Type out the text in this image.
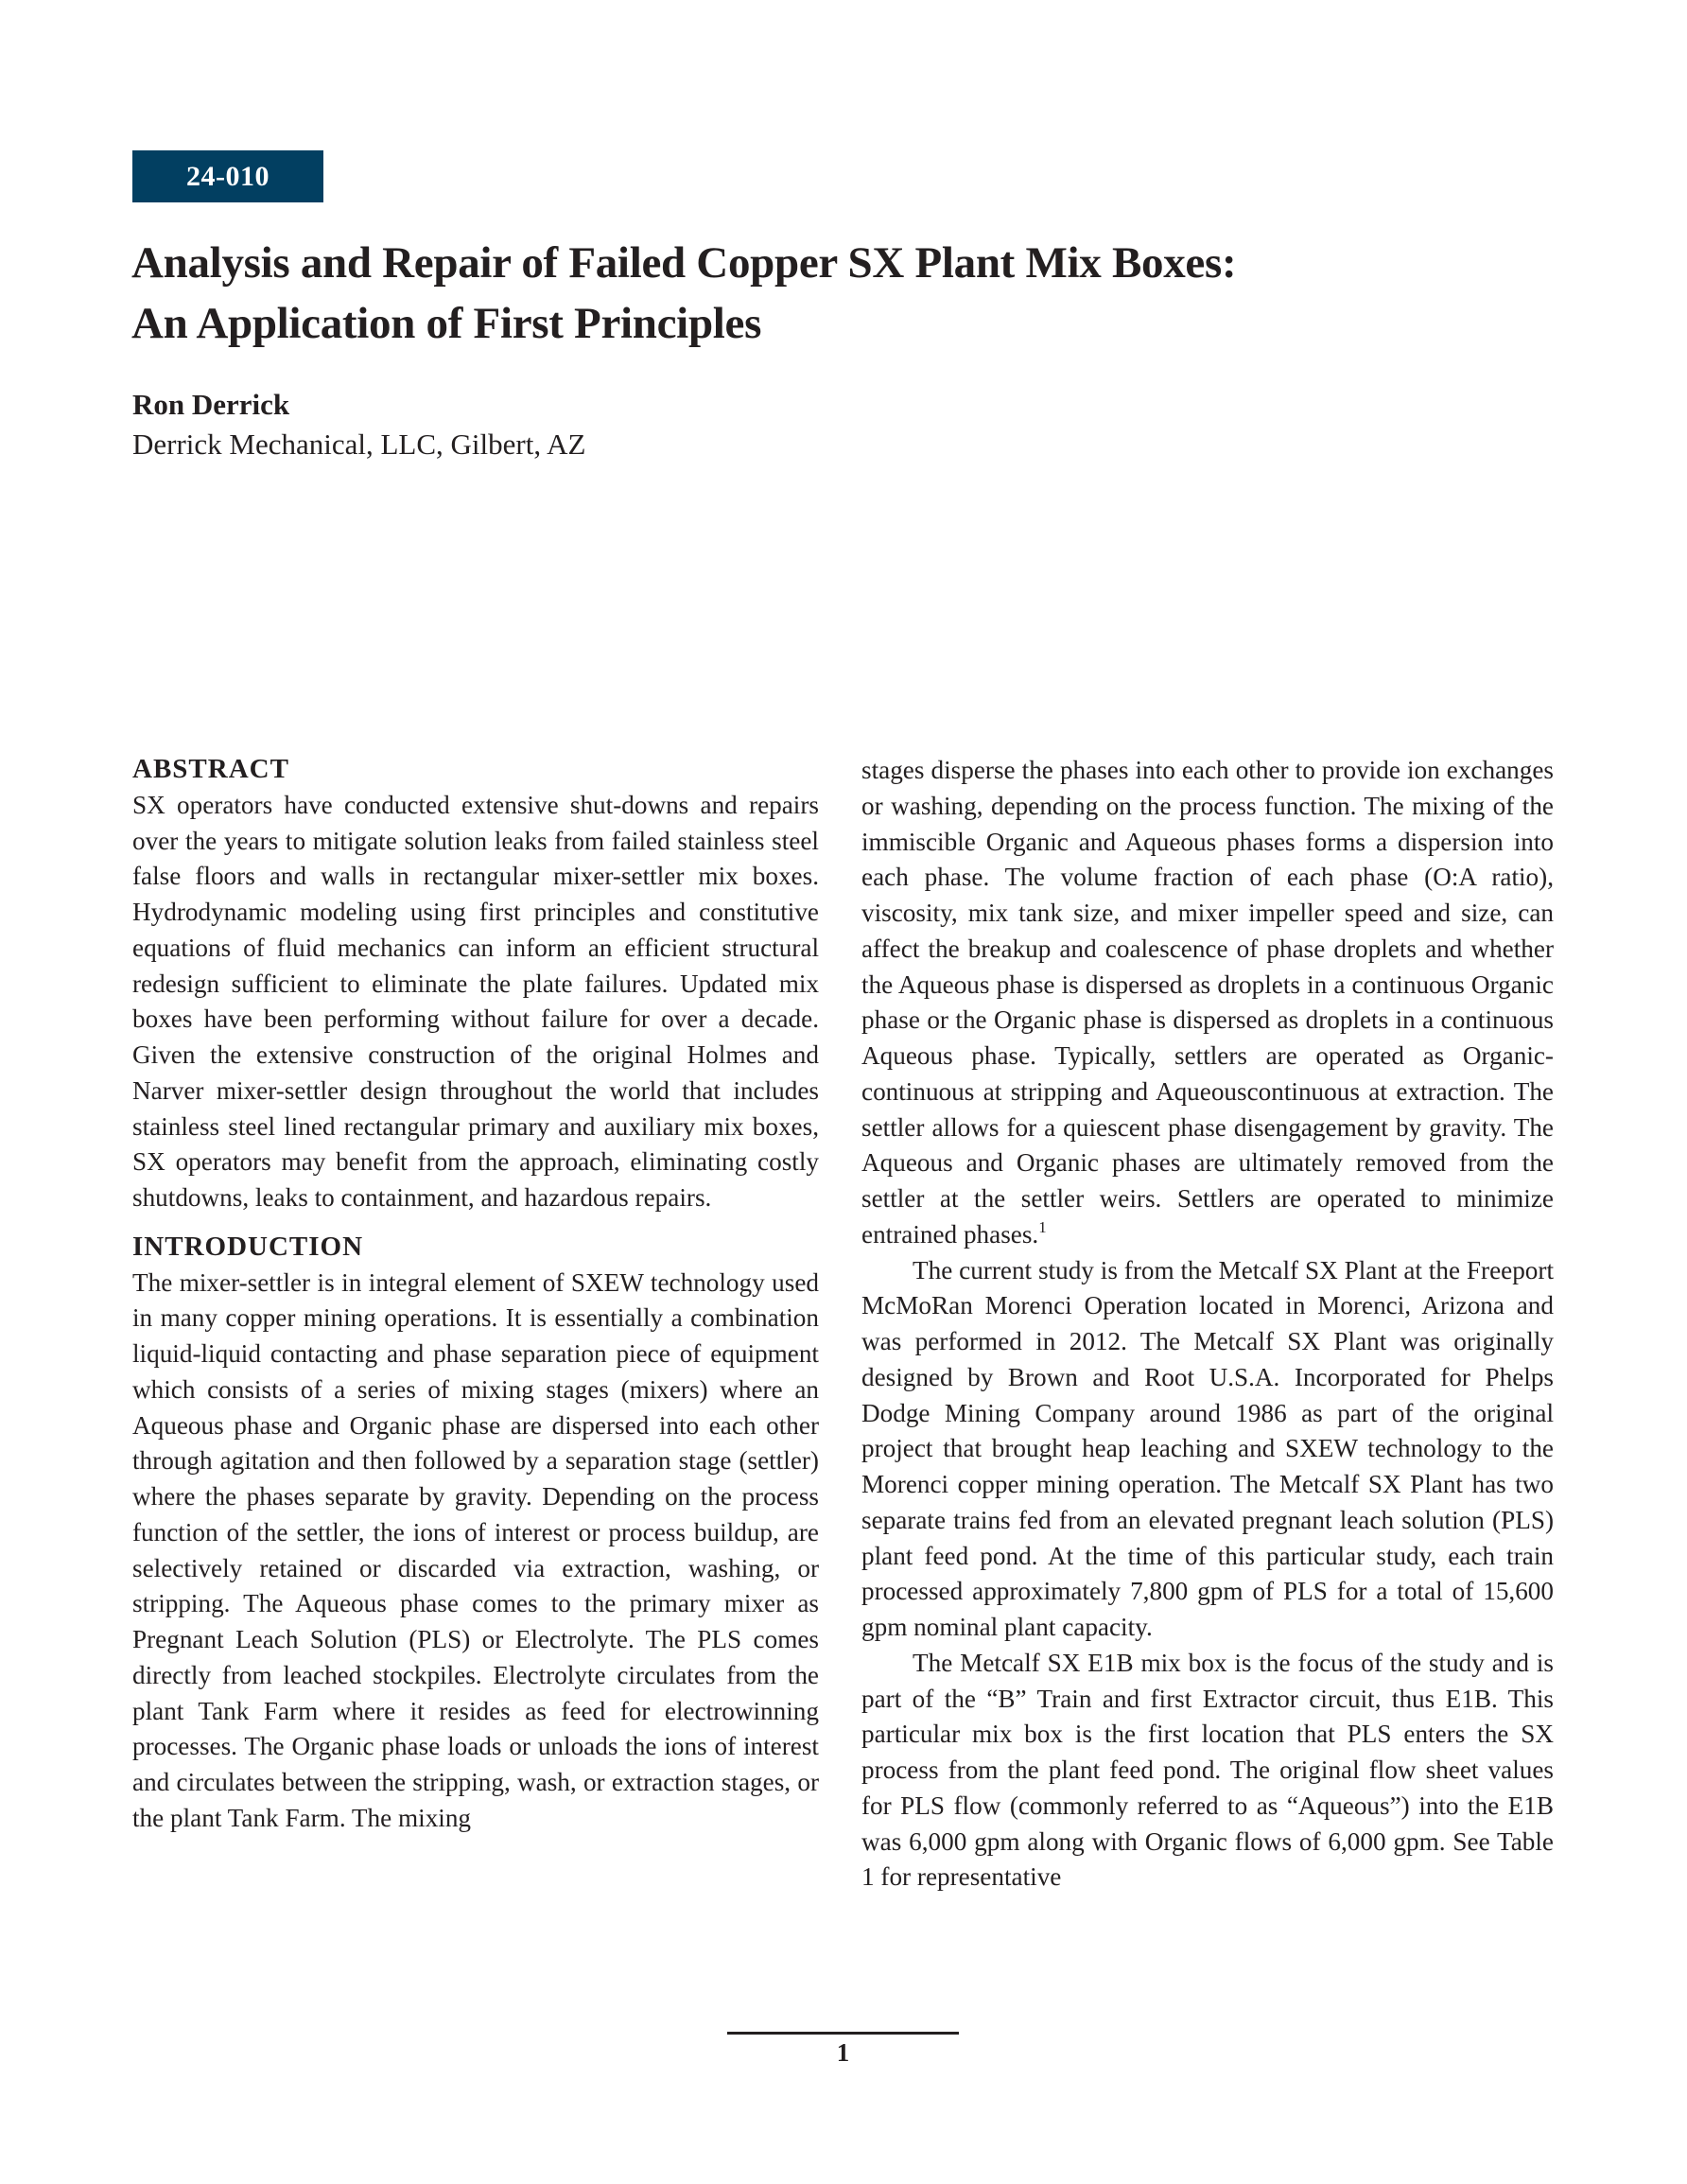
24-010
Analysis and Repair of Failed Copper SX Plant Mix Boxes:
An Application of First Principles
Ron Derrick
Derrick Mechanical, LLC, Gilbert, AZ
ABSTRACT

SX operators have conducted extensive shut-downs and repairs over the years to mitigate solution leaks from failed stainless steel false floors and walls in rectangular mixer-settler mix boxes. Hydrodynamic modeling using first principles and constitutive equations of fluid mechanics can inform an efficient structural redesign sufficient to eliminate the plate failures. Updated mix boxes have been performing without failure for over a decade. Given the extensive construction of the original Holmes and Narver mixer-settler design throughout the world that includes stainless steel lined rectangular primary and auxiliary mix boxes, SX operators may benefit from the approach, eliminating costly shutdowns, leaks to containment, and hazardous repairs.

INTRODUCTION

The mixer-settler is in integral element of SXEW technology used in many copper mining operations. It is essentially a combination liquid-liquid contacting and phase separation piece of equipment which consists of a series of mixing stages (mixers) where an Aqueous phase and Organic phase are dispersed into each other through agitation and then followed by a separation stage (settler) where the phases separate by gravity. Depending on the process function of the settler, the ions of interest or process buildup, are selectively retained or discarded via extraction, washing, or stripping. The Aqueous phase comes to the primary mixer as Pregnant Leach Solution (PLS) or Electrolyte. The PLS comes directly from leached stockpiles. Electrolyte circulates from the plant Tank Farm where it resides as feed for electrowinning processes. The Organic phase loads or unloads the ions of interest and circulates between the stripping, wash, or extraction stages, or the plant Tank Farm. The mixing

stages disperse the phases into each other to provide ion exchanges or washing, depending on the process function. The mixing of the immiscible Organic and Aqueous phases forms a dispersion into each phase. The volume fraction of each phase (O:A ratio), viscosity, mix tank size, and mixer impeller speed and size, can affect the breakup and coalescence of phase droplets and whether the Aqueous phase is dispersed as droplets in a continuous Organic phase or the Organic phase is dispersed as droplets in a continuous Aqueous phase. Typically, settlers are operated as Organic-continuous at stripping and Aqueouscontinuous at extraction. The settler allows for a quiescent phase disengagement by gravity. The Aqueous and Organic phases are ultimately removed from the settler at the settler weirs. Settlers are operated to minimize entrained phases.$^1$

The current study is from the Metcalf SX Plant at the Freeport McMoRan Morenci Operation located in Morenci, Arizona and was performed in 2012. The Metcalf SX Plant was originally designed by Brown and Root U.S.A. Incorporated for Phelps Dodge Mining Company around 1986 as part of the original project that brought heap leaching and SXEW technology to the Morenci copper mining operation. The Metcalf SX Plant has two separate trains fed from an elevated pregnant leach solution (PLS) plant feed pond. At the time of this particular study, each train processed approximately 7,800 gpm of PLS for a total of 15,600 gpm nominal plant capacity.

The Metcalf SX E1B mix box is the focus of the study and is part of the “B” Train and first Extractor circuit, thus E1B. This particular mix box is the first location that PLS enters the SX process from the plant feed pond. The original flow sheet values for PLS flow (commonly referred to as “Aqueous”) into the E1B was 6,000 gpm along with Organic flows of 6,000 gpm. See Table 1 for representative

1
